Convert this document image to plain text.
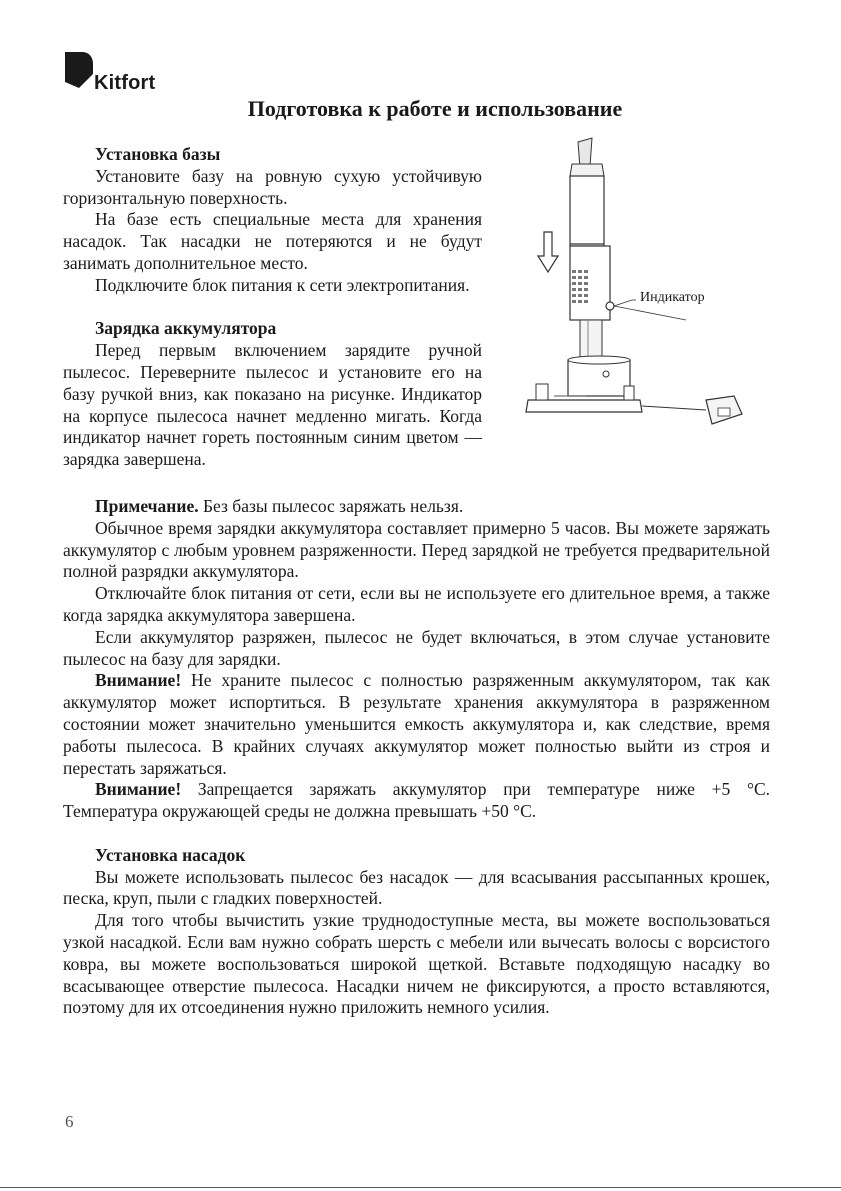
Kitfort
Подготовка к работе и использование

Установка базы

Установите базу на ровную сухую устойчивую горизонтальную поверхность.

На базе есть специальные места для хранения насадок. Так насадки не потеряются и не будут занимать дополнительное место.

Подключите блок питания к сети электропитания.

Зарядка аккумулятора

Перед первым включением зарядите ручной пылесос. Переверните пылесос и установите его на базу ручкой вниз, как показано на рисунке. Индикатор на корпусе пылесоса начнет медленно мигать. Когда индикатор начнет гореть постоянным синим цветом — зарядка завершена.

Индикатор

Примечание. Без базы пылесос заряжать нельзя.

Обычное время зарядки аккумулятора составляет примерно 5 часов. Вы можете заряжать аккумулятор с любым уровнем разряженности. Перед зарядкой не требуется предварительной полной разрядки аккумулятора.

Отключайте блок питания от сети, если вы не используете его длительное время, а также когда зарядка аккумулятора завершена.

Если аккумулятор разряжен, пылесос не будет включаться, в этом случае установите пылесос на базу для зарядки.

Внимание! Не храните пылесос с полностью разряженным аккумулятором, так как аккумулятор может испортиться. В результате хранения аккумулятора в разряженном состоянии может значительно уменьшится емкость аккумулятора и, как следствие, время работы пылесоса. В крайних случаях аккумулятор может полностью выйти из строя и перестать заряжаться.

Внимание! Запрещается заряжать аккумулятор при температуре ниже +5 °С. Температура окружающей среды не должна превышать +50 °С.

Установка насадок

Вы можете использовать пылесос без насадок — для всасывания рассыпанных крошек, песка, круп, пыли с гладких поверхностей.

Для того чтобы вычистить узкие труднодоступные места, вы можете воспользоваться узкой насадкой. Если вам нужно собрать шерсть с мебели или вычесать волосы с ворсистого ковра, вы можете воспользоваться широкой щеткой. Вставьте подходящую насадку во всасывающее отверстие пылесоса. Насадки ничем не фиксируются, а просто вставляются, поэтому для их отсоединения нужно приложить немного усилия.

6
